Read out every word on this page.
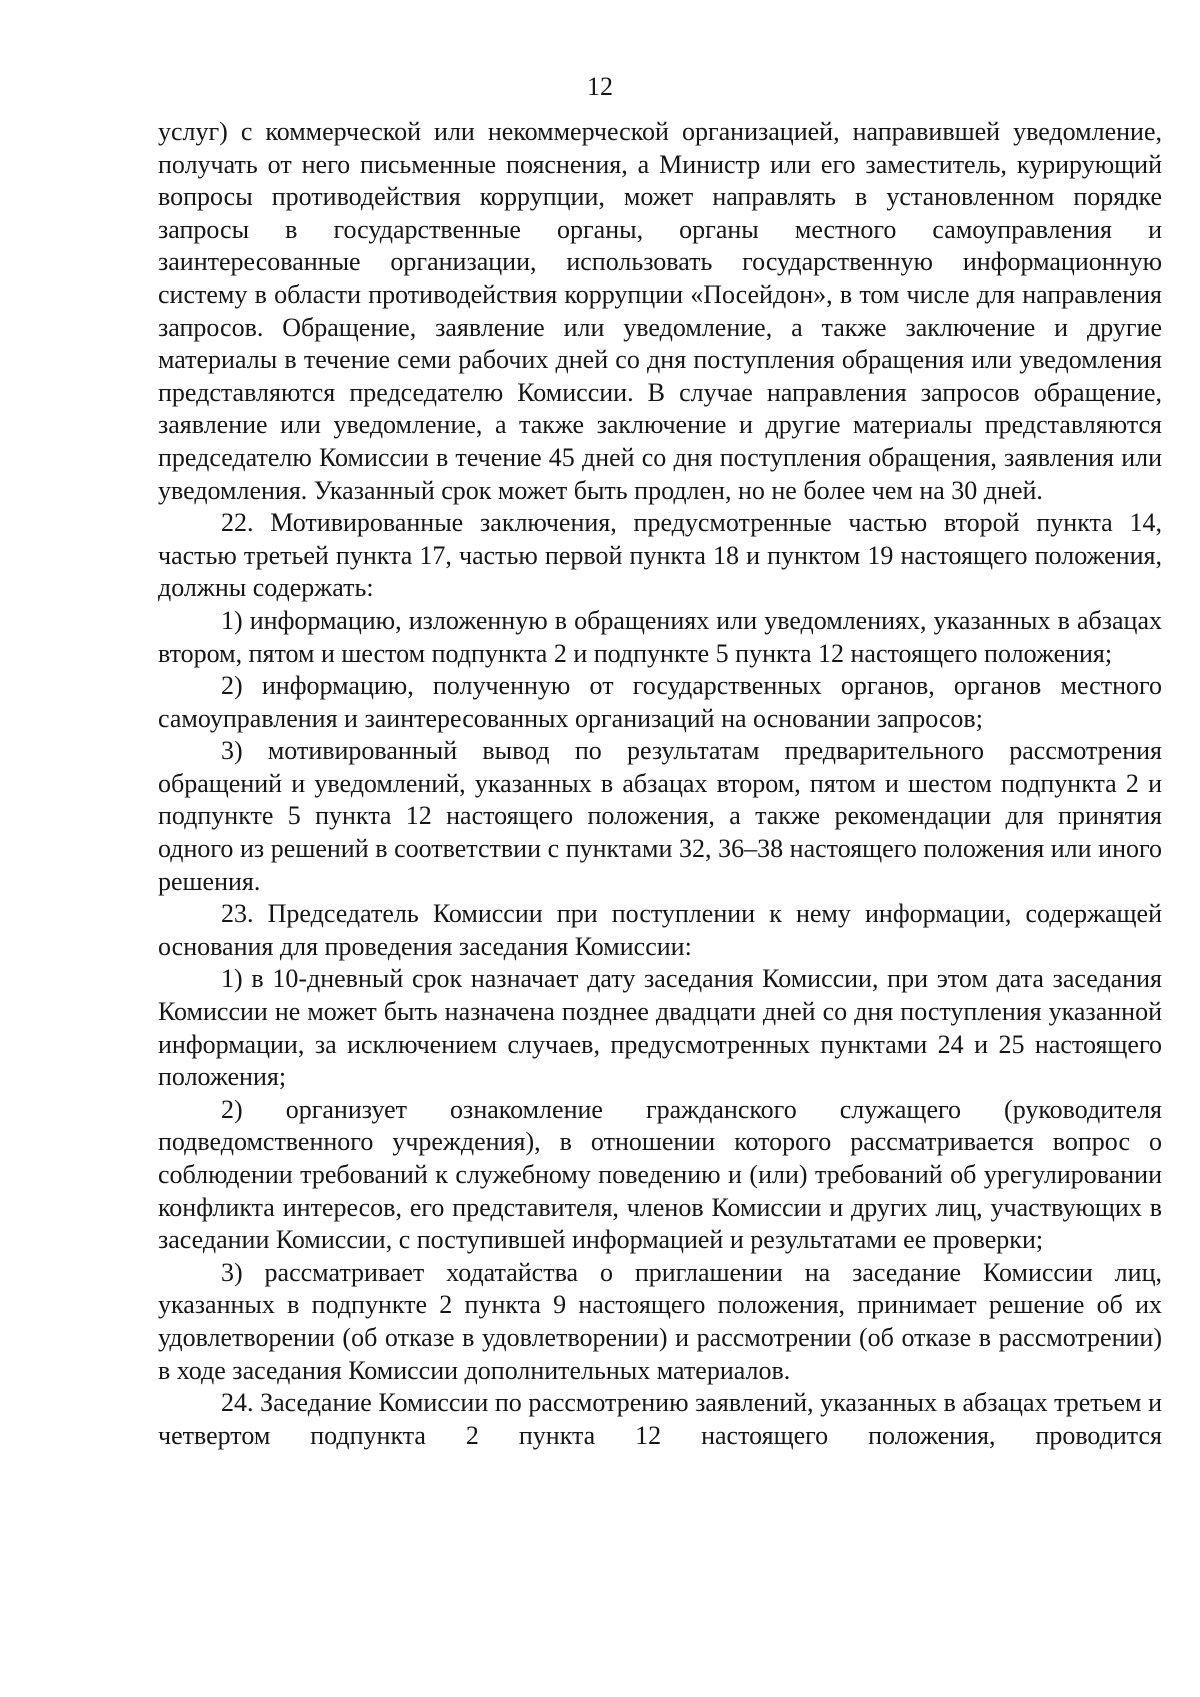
12

услуг) с коммерческой или некоммерческой организацией, направившей уведомление, получать от него письменные пояснения, а Министр или его заместитель, курирующий вопросы противодействия коррупции, может направлять в установленном порядке запросы в государственные органы, органы местного самоуправления и заинтересованные организации, использовать государственную информационную систему в области противодействия коррупции «Посейдон», в том числе для направления запросов. Обращение, заявление или уведомление, а также заключение и другие материалы в течение семи рабочих дней со дня поступления обращения или уведомления представляются председателю Комиссии. В случае направления запросов обращение, заявление или уведомление, а также заключение и другие материалы представляются председателю Комиссии в течение 45 дней со дня поступления обращения, заявления или уведомления. Указанный срок может быть продлен, но не более чем на 30 дней.

22. Мотивированные заключения, предусмотренные частью второй пункта 14, частью третьей пункта 17, частью первой пункта 18 и пунктом 19 настоящего положения, должны содержать:

1) информацию, изложенную в обращениях или уведомлениях, указанных в абзацах втором, пятом и шестом подпункта 2 и подпункте 5 пункта 12 настоящего положения;

2) информацию, полученную от государственных органов, органов местного самоуправления и заинтересованных организаций на основании запросов;

3) мотивированный вывод по результатам предварительного рассмотрения обращений и уведомлений, указанных в абзацах втором, пятом и шестом подпункта 2 и подпункте 5 пункта 12 настоящего положения, а также рекомендации для принятия одного из решений в соответствии с пунктами 32, 36–38 настоящего положения или иного решения.

23. Председатель Комиссии при поступлении к нему информации, содержащей основания для проведения заседания Комиссии:

1) в 10-дневный срок назначает дату заседания Комиссии, при этом дата заседания Комиссии не может быть назначена позднее двадцати дней со дня поступления указанной информации, за исключением случаев, предусмотренных пунктами 24 и 25 настоящего положения;

2) организует ознакомление гражданского служащего (руководителя подведомственного учреждения), в отношении которого рассматривается вопрос о соблюдении требований к служебному поведению и (или) требований об урегулировании конфликта интересов, его представителя, членов Комиссии и других лиц, участвующих в заседании Комиссии, с поступившей информацией и результатами ее проверки;

3) рассматривает ходатайства о приглашении на заседание Комиссии лиц, указанных в подпункте 2 пункта 9 настоящего положения, принимает решение об их удовлетворении (об отказе в удовлетворении) и рассмотрении (об отказе в рассмотрении) в ходе заседания Комиссии дополнительных материалов.

24. Заседание Комиссии по рассмотрению заявлений, указанных в абзацах третьем и четвертом подпункта 2 пункта 12 настоящего положения, проводится
